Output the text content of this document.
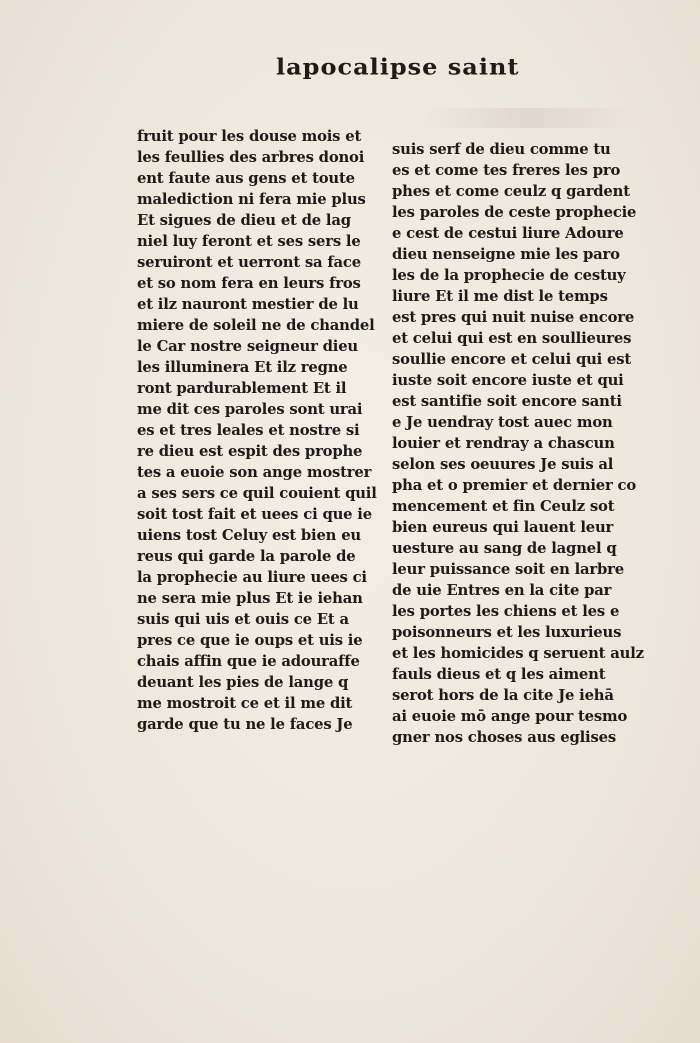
lapocalipse saint
fruit pour les douse mois et
les feullies des arbres donoi
ent faute aus gens et toute
malediction ni fera mie plus
Et sigues de dieu et de lag
niel luy feront et ses sers le
seruiront et uerront sa face
et so nom fera en leurs fros
et ilz nauront mestier de lu
miere de soleil ne de chandel
le Car nostre seigneur dieu
les illuminera Et ilz regne
ront pardurablement Et il
me dit ces paroles sont urai
es et tres leales et nostre si
re dieu est espit des prophe
tes a euoie son ange mostrer
a ses sers ce quil couient quil
soit tost fait et uees ci que ie
uiens tost Celuy est bien eu
reus qui garde la parole de
la prophecie au liure uees ci
ne sera mie plus Et ie iehan
suis qui uis et ouis ce Et a
pres ce que ie oups et uis ie
chais affin que ie adouraffe
deuant les pies de lange q
me mostroit ce et il me dit
garde que tu ne le faces Je
suis serf de dieu comme tu
es et come tes freres les pro
phes et come ceulz q gardent
les paroles de ceste prophecie
e cest de cestui liure Adoure
dieu nenseigne mie les paro
les de la prophecie de cestuy
liure Et il me dist le temps
est pres qui nuit nuise encore
et celui qui est en soullieures
soullie encore et celui qui est
iuste soit encore iuste et qui
est santifie soit encore santi
e Je uendray tost auec mon
louier et rendray a chascun
selon ses oeuures Je suis al
pha et o premier et dernier co
mencement et fin Ceulz sot
bien eureus qui lauent leur
uesture au sang de lagnel q
leur puissance soit en larbre
de uie Entres en la cite par
les portes les chiens et les e
poisonneurs et les luxurieus
et les homicides q seruent aulz
fauls dieus et q les aiment
serot hors de la cite Je iehā
ai euoie mō ange pour tesmo
gner nos choses aus eglises
